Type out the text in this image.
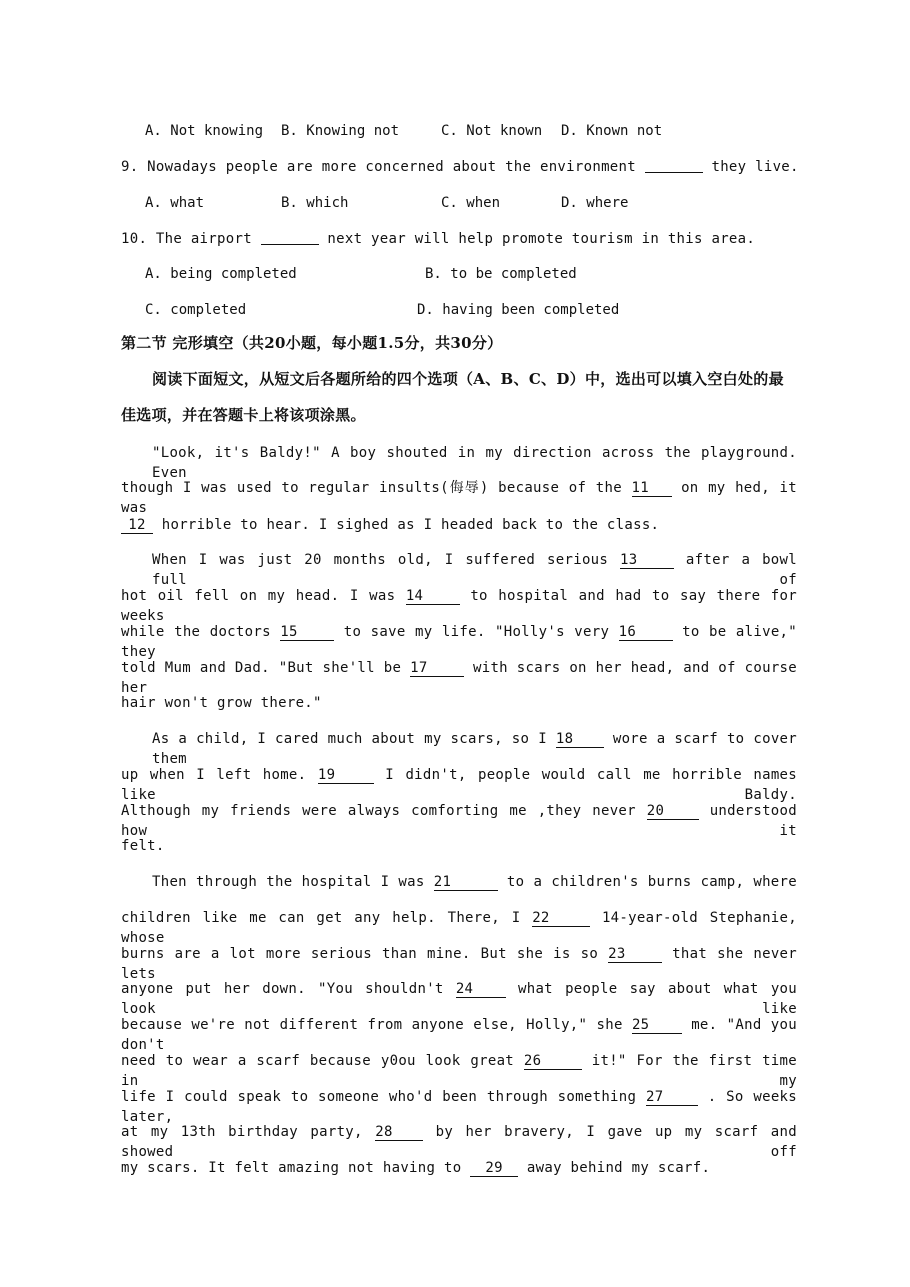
A. Not knowing B. Knowing not	C. Not known D. Known not
9. Nowadays people are more concerned about the environment	they live.
A. what	B. which	C. when	D. where
10. The airport	next year will help promote tourism in this area.
A. being completed	B. to be completed
C. completed	D. having been completed
第二节 完形填空（共20小题，每小题1.5分，共30分）
阅读下面短文，从短文后各题所给的四个选项（A、B、C、D）中，选出可以填入空白处的最
佳选项，并在答题卡上将该项涂黑。
"Look, it's Baldy!" A boy shouted in my direction across the playground. Even
though I was used to regular insults(侮辱) because of the 11 on my hed, it was
12 horrible to hear. I sighed as I headed back to the class.
When I was just 20 months old, I suffered serious 13	after a bowl full of
hot oil fell on my head. I was 14	to hospital and had to say there for weeks
while the doctors 15	to save my life. "Holly's very 16	to be alive," they
told Mum and Dad. "But she'll be 17	with scars on her head, and of course her
hair won't grow there."
As a child, I cared much about my scars, so I 18	wore a scarf to cover them
up when I left home. 19	I didn't, people would call me horrible names like Baldy.
Although my friends were always comforting me ,they never 20	understood how it
felt.
Then through the hospital I was 21	to a children's burns camp, where
children like me can get any help. There, I 22	14-year-old Stephanie, whose
burns are a lot more serious than mine. But she is so 23	that she never lets
anyone put her down. "You shouldn't 24	what people say about what you look like
because we're not different from anyone else, Holly," she 25	me. "And you don't
need to wear a scarf because y0ou look great 26	it!" For the first time in my
life I could speak to someone who'd been through something 27	. So weeks later,
at my 13th birthday party, 28	by her bravery, I gave up my scarf and showed off
my scars. It felt amazing not having to 29 away behind my scarf.
